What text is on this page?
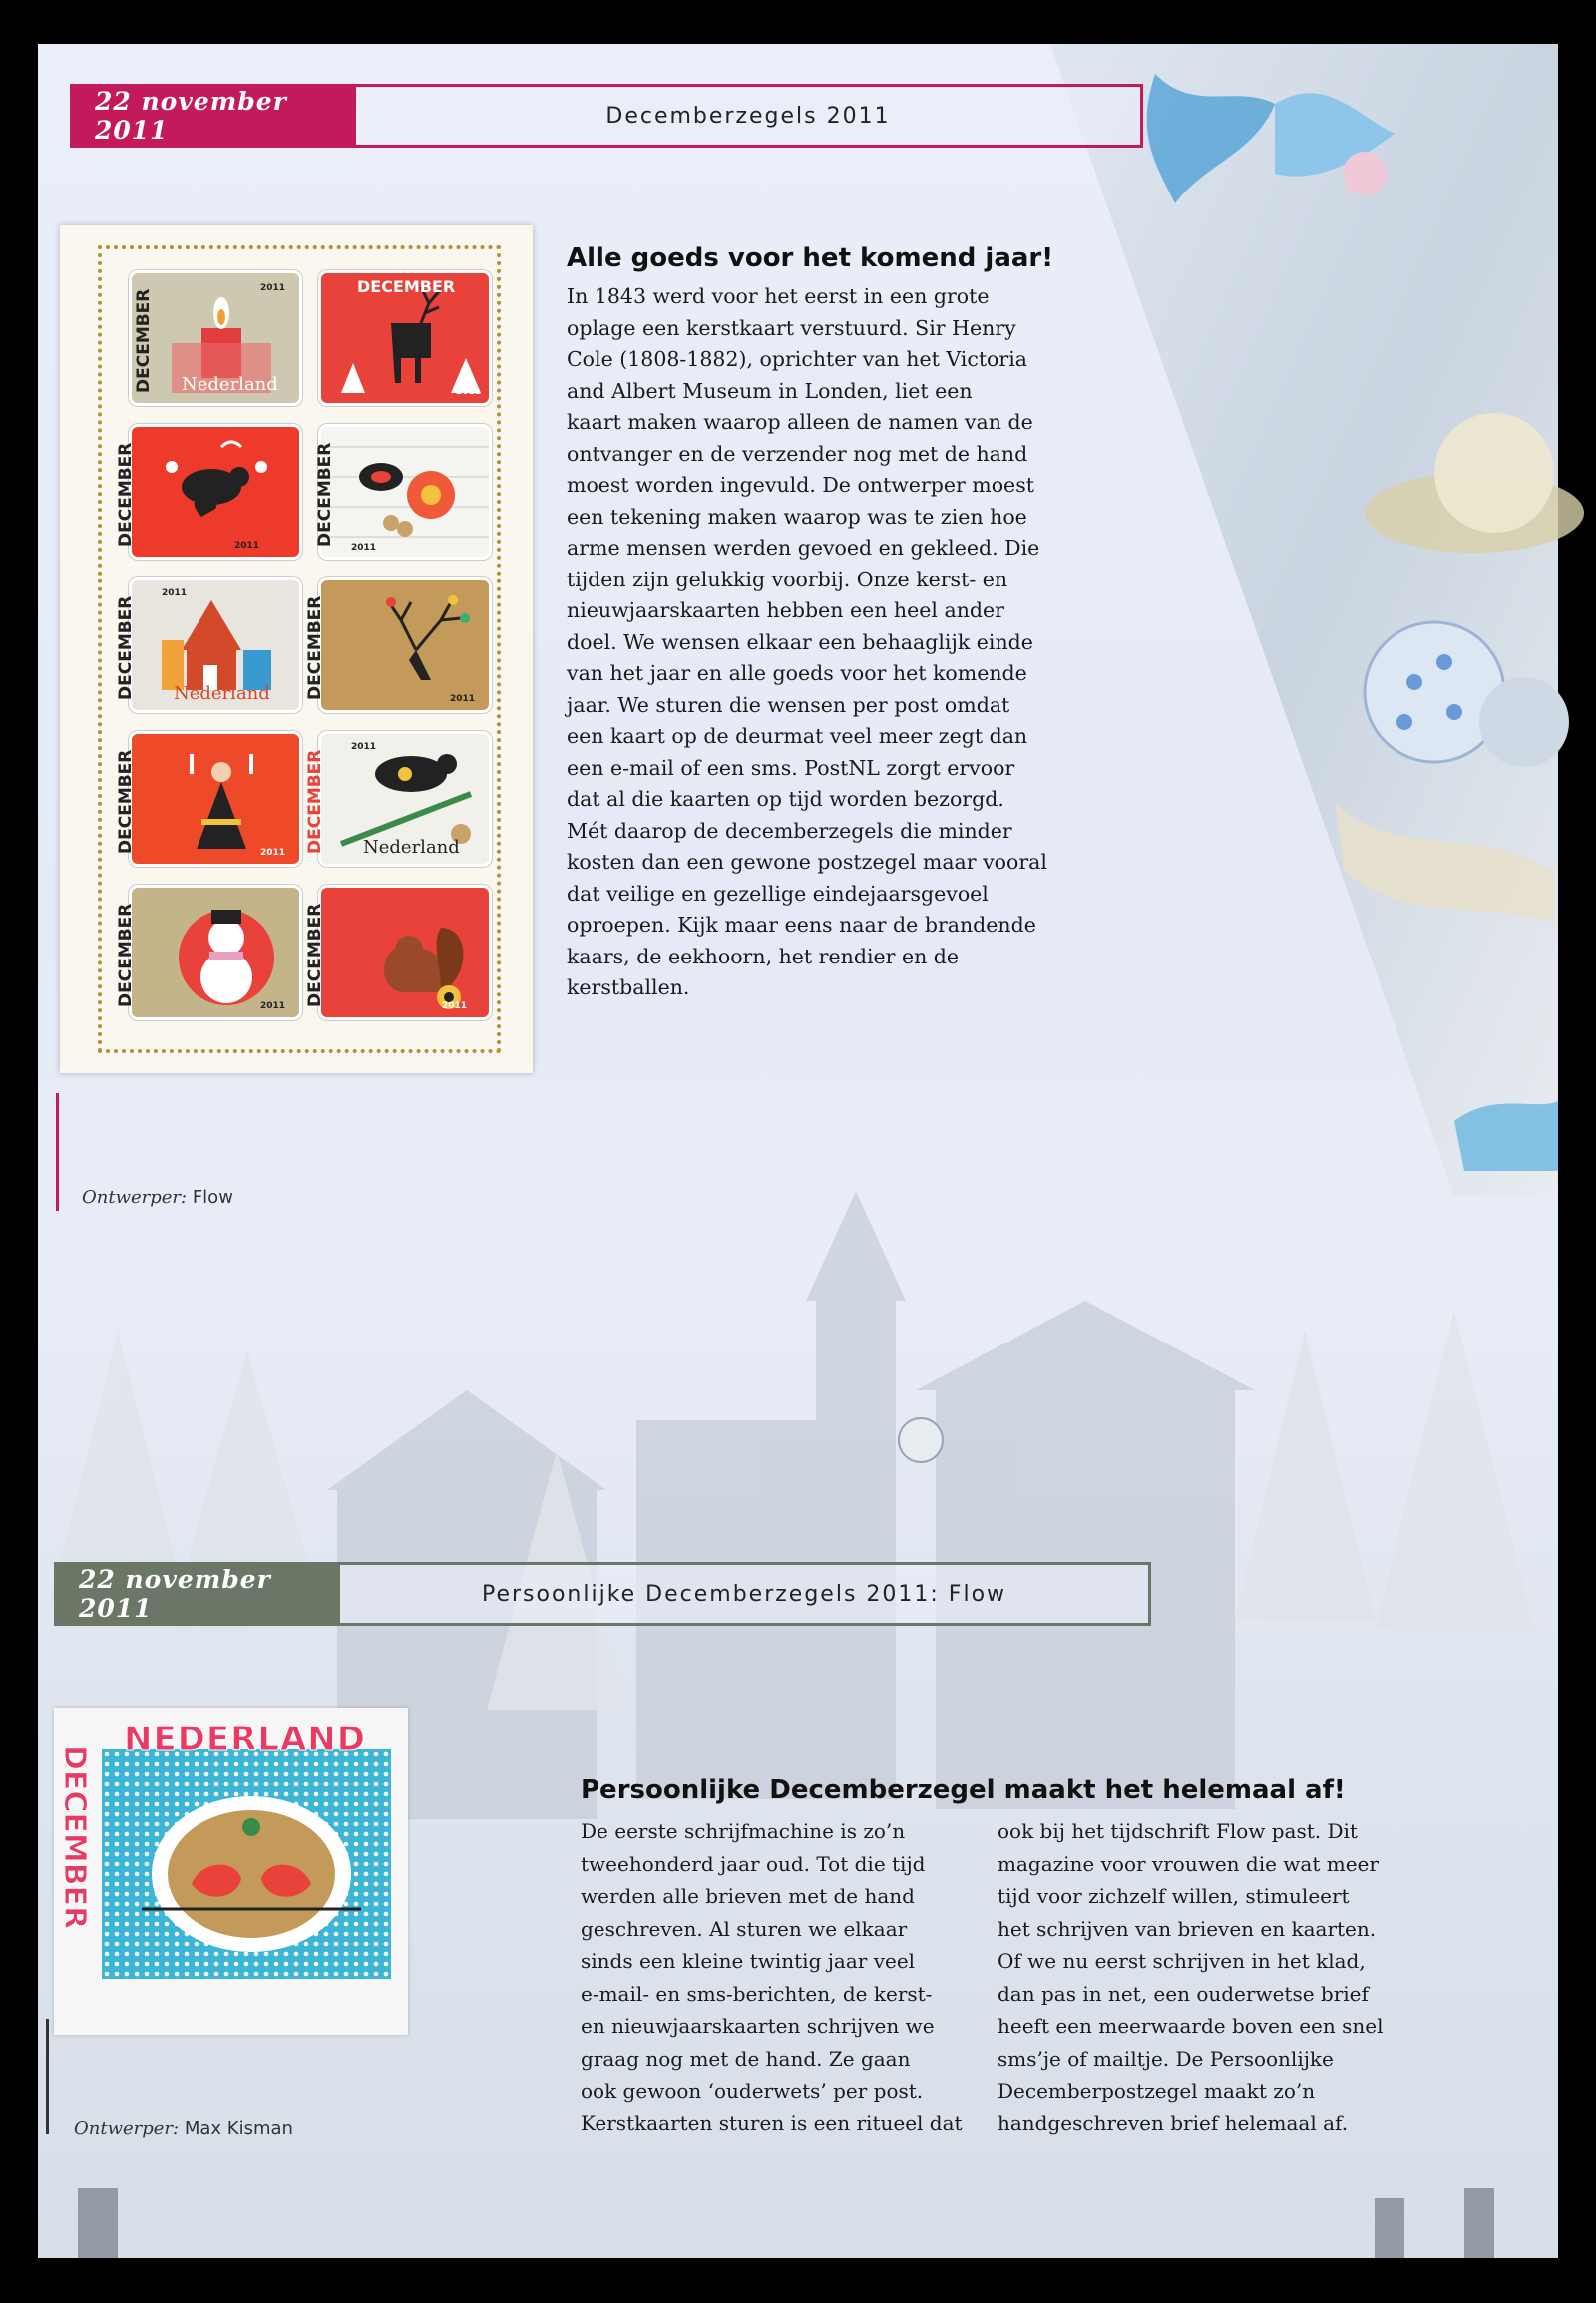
22 november 2011	Decemberzegels 2011
DECEMBER Nederland
2011	DECEMBER
2011
DECEMBER	2011	DECEMBER
2011
DECEMBER Nederland
2011
DECEMBER	2011
DECEMBER	2011 DECEMBER Nederland
2011
DECEMBER	2011 DECEMBER	2011
Alle goeds voor het komend jaar!
In 1843 werd voor het eerst in een grote
oplage een kerstkaart verstuurd. Sir Henry
Cole (1808-1882), oprichter van het Victoria
and Albert Museum in Londen, liet een
kaart maken waarop alleen de namen van de
ontvanger en de verzender nog met de hand
moest worden ingevuld. De ontwerper moest
een tekening maken waarop was te zien hoe
arme mensen werden gevoed en gekleed. Die
tijden zijn gelukkig voorbij. Onze kerst- en
nieuwjaarskaarten hebben een heel ander
doel. We wensen elkaar een behaaglijk einde
van het jaar en alle goeds voor het komende
jaar. We sturen die wensen per post omdat
een kaart op de deurmat veel meer zegt dan
een e-mail of een sms. PostNL zorgt ervoor
dat al die kaarten op tijd worden bezorgd.
Mét daarop de decemberzegels die minder
kosten dan een gewone postzegel maar vooral
dat veilige en gezellige eindejaarsgevoel
oproepen. Kijk maar eens naar de brandende
kaars, de eekhoorn, het rendier en de
kerstballen.
Ontwerper: Flow
22 november 2011	Persoonlijke Decemberzegels 2011: Flow
NEDERLAND
DECEMBER	Persoonlijke Decemberzegel maakt het helemaal af!
De eerste schrijfmachine is zo’n
tweehonderd jaar oud. Tot die tijd
werden alle brieven met de hand
geschreven. Al sturen we elkaar
sinds een kleine twintig jaar veel
e-mail- en sms-berichten, de kerst-
en nieuwjaarskaarten schrijven we
graag nog met de hand. Ze gaan
ook gewoon ‘ouderwets’ per post.
Kerstkaarten sturen is een ritueel dat
ook bij het tijdschrift Flow past. Dit
magazine voor vrouwen die wat meer
tijd voor zichzelf willen, stimuleert
het schrijven van brieven en kaarten.
Of we nu eerst schrijven in het klad,
dan pas in net, een ouderwetse brief
heeft een meerwaarde boven een snel
sms’je of mailtje. De Persoonlijke
Decemberpostzegel maakt zo’n
handgeschreven brief helemaal af.
Ontwerper: Max Kisman
